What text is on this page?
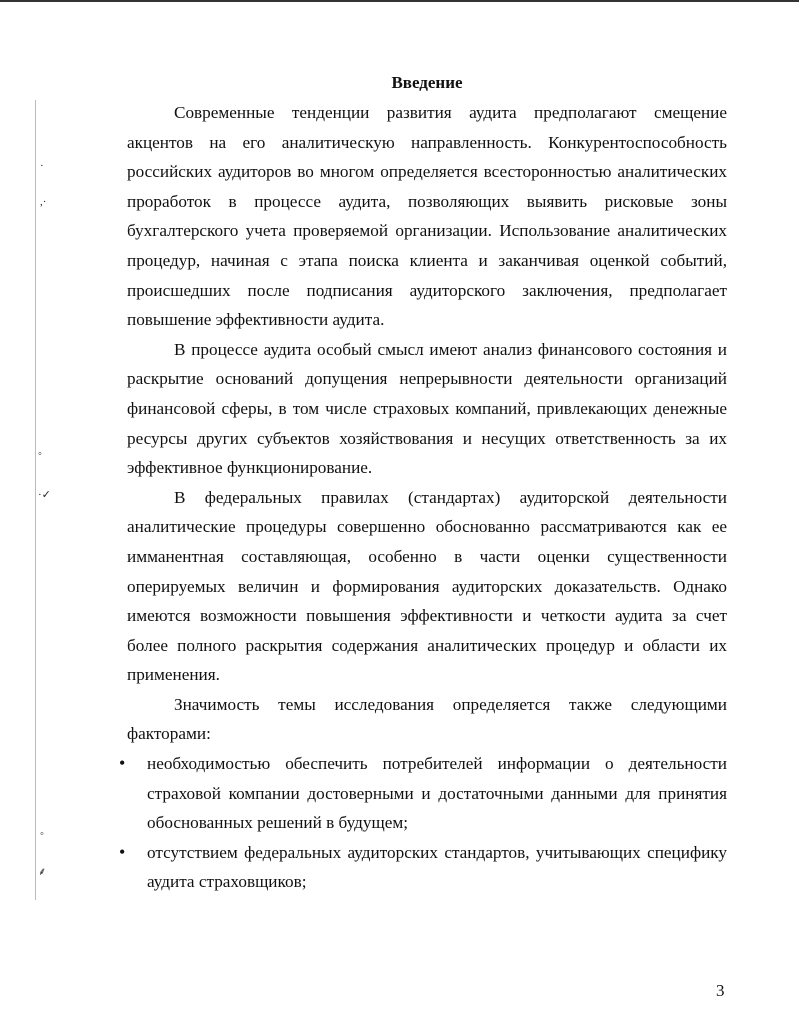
·
,·
◦
·✓
◦
⸙
Введение

Современные тенденции развития аудита предполагают смещение акцентов на его аналитическую направленность. Конкурентоспособность российских аудиторов во многом определяется всесторонностью аналитических проработок в процессе аудита, позволяющих выявить рисковые зоны бухгалтерского учета проверяемой организации. Использование аналитических процедур, начиная с этапа поиска клиента и заканчивая оценкой событий, происшедших после подписания аудиторского заключения, предполагает повышение эффективности аудита.

В процессе аудита особый смысл имеют анализ финансового состояния и раскрытие оснований допущения непрерывности деятельности организаций финансовой сферы, в том числе страховых компаний, привлекающих денежные ресурсы других субъектов хозяйствования и несущих ответственность за их эффективное функционирование.

В федеральных правилах (стандартах) аудиторской деятельности аналитические процедуры совершенно обоснованно рассматриваются как ее имманентная составляющая, особенно в части оценки существенности оперируемых величин и формирования аудиторских доказательств. Однако имеются возможности повышения эффективности и четкости аудита за счет более полного раскрытия содержания аналитических процедур и области их применения.

Значимость темы исследования определяется также следующими факторами:

• необходимостью обеспечить потребителей информации о деятельности страховой компании достоверными и достаточными данными для принятия обоснованных решений в будущем;
• отсутствием федеральных аудиторских стандартов, учитывающих специфику аудита страховщиков;
3
